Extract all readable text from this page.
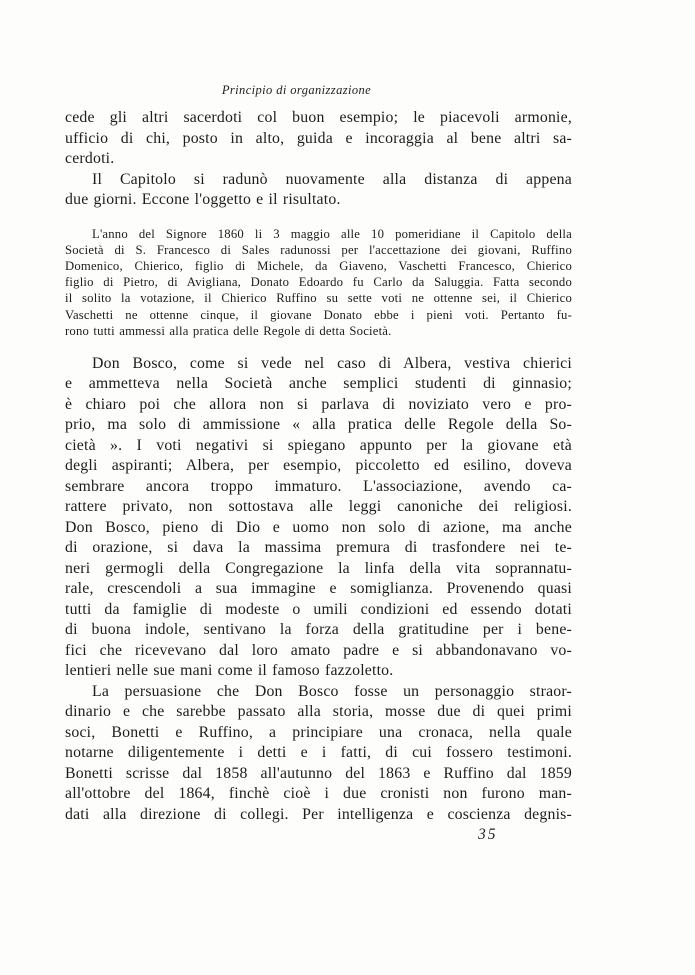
Principio di organizzazione
cede gli altri sacerdoti col buon esempio; le piacevoli armonie,
ufficio di chi, posto in alto, guida e incoraggia al bene altri sa-
cerdoti.
Il Capitolo si radunò nuovamente alla distanza di appena
due giorni. Eccone l'oggetto e il risultato.
L'anno del Signore 1860 li 3 maggio alle 10 pomeridiane il Capitolo della
Società di S. Francesco di Sales radunossi per l'accettazione dei giovani, Ruffino
Domenico, Chierico, figlio di Michele, da Giaveno, Vaschetti Francesco, Chierico
figlio di Pietro, di Avigliana, Donato Edoardo fu Carlo da Saluggia. Fatta secondo
il solito la votazione, il Chierico Ruffino su sette voti ne ottenne sei, il Chierico
Vaschetti ne ottenne cinque, il giovane Donato ebbe i pieni voti. Pertanto fu-
rono tutti ammessi alla pratica delle Regole di detta Società.
Don Bosco, come si vede nel caso di Albera, vestiva chierici
e ammetteva nella Società anche semplici studenti di ginnasio;
è chiaro poi che allora non si parlava di noviziato vero e pro-
prio, ma solo di ammissione « alla pratica delle Regole della So-
cietà ». I voti negativi si spiegano appunto per la giovane età
degli aspiranti; Albera, per esempio, piccoletto ed esilino, doveva
sembrare ancora troppo immaturo. L'associazione, avendo ca-
rattere privato, non sottostava alle leggi canoniche dei religiosi.
Don Bosco, pieno di Dio e uomo non solo di azione, ma anche
di orazione, si dava la massima premura di trasfondere nei te-
neri germogli della Congregazione la linfa della vita soprannatu-
rale, crescendoli a sua immagine e somiglianza. Provenendo quasi
tutti da famiglie di modeste o umili condizioni ed essendo dotati
di buona indole, sentivano la forza della gratitudine per i bene-
fici che ricevevano dal loro amato padre e si abbandonavano vo-
lentieri nelle sue mani come il famoso fazzoletto.
La persuasione che Don Bosco fosse un personaggio straor-
dinario e che sarebbe passato alla storia, mosse due di quei primi
soci, Bonetti e Ruffino, a principiare una cronaca, nella quale
notarne diligentemente i detti e i fatti, di cui fossero testimoni.
Bonetti scrisse dal 1858 all'autunno del 1863 e Ruffino dal 1859
all'ottobre del 1864, finchè cioè i due cronisti non furono man-
dati alla direzione di collegi. Per intelligenza e coscienza degnis-
35
